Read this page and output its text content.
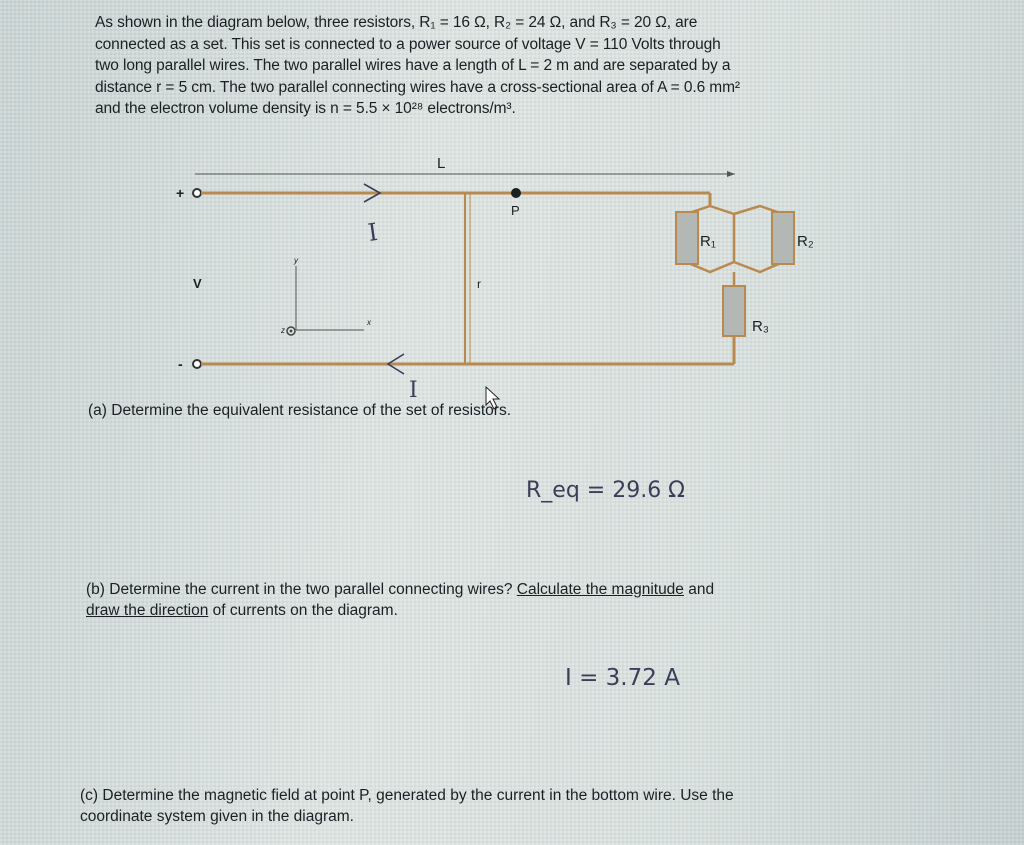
As shown in the diagram below, three resistors, R₁ = 16 Ω, R₂ = 24 Ω, and R₃ = 20 Ω, are

connected as a set. This set is connected to a power source of voltage V = 110 Volts through

two long parallel wires. The two parallel wires have a length of L = 2 m and are separated by a

distance r = 5 cm. The two parallel connecting wires have a cross-sectional area of A = 0.6 mm²

and the electron volume density is n = 5.5 × 10²⁸ electrons/m³.

L
+
-
V
R₁	R₂
R₃
r
P
y
x
z
I
I
(a) Determine the equivalent resistance of the set of resistors.
R_eq = 29.6 Ω
(b) Determine the current in the two parallel connecting wires? Calculate the magnitude and
draw the direction of currents on the diagram.
I = 3.72 A
(c) Determine the magnetic field at point P, generated by the current in the bottom wire. Use the
coordinate system given in the diagram.
